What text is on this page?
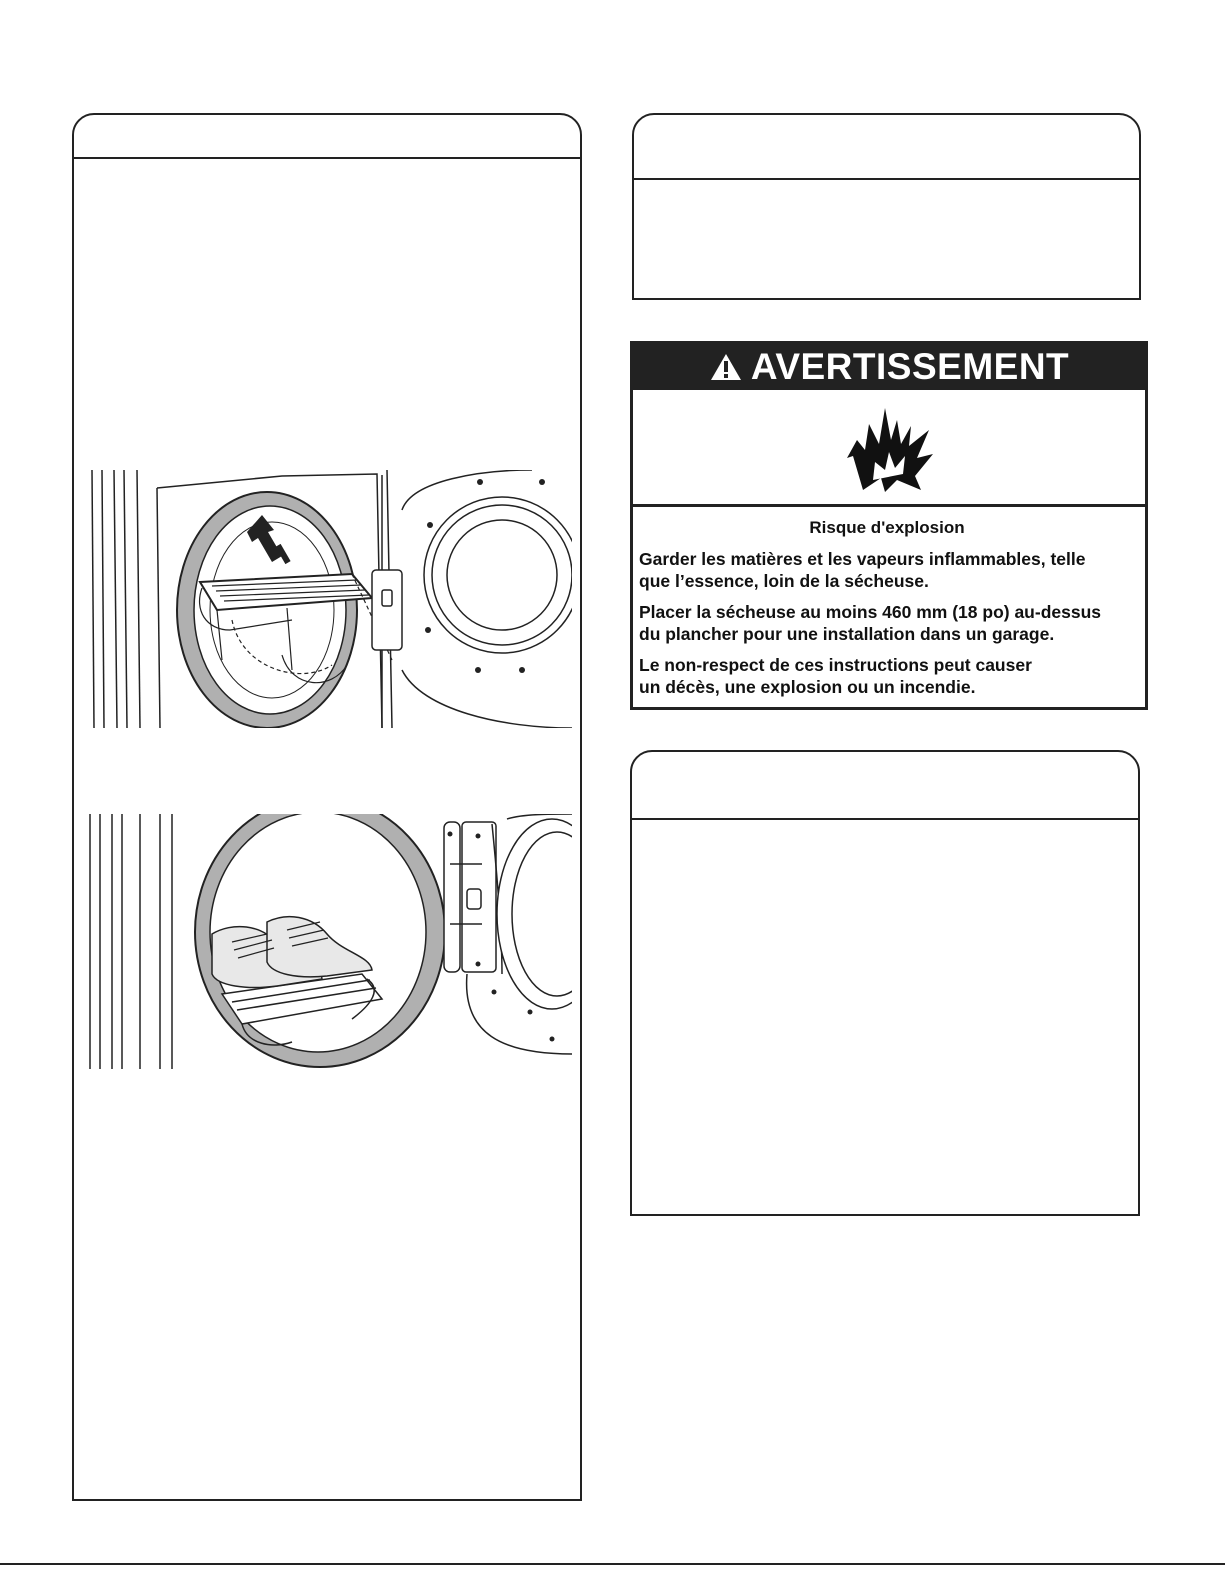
AVERTISSEMENT
Risque d'explosion
Garder les matières et les vapeurs inflammables, telle
que l’essence, loin de la sécheuse.
Placer la sécheuse au moins 460 mm (18 po) au-dessus
du plancher pour une installation dans un garage.
Le non-respect de ces instructions peut causer
un décès, une explosion ou un incendie.
